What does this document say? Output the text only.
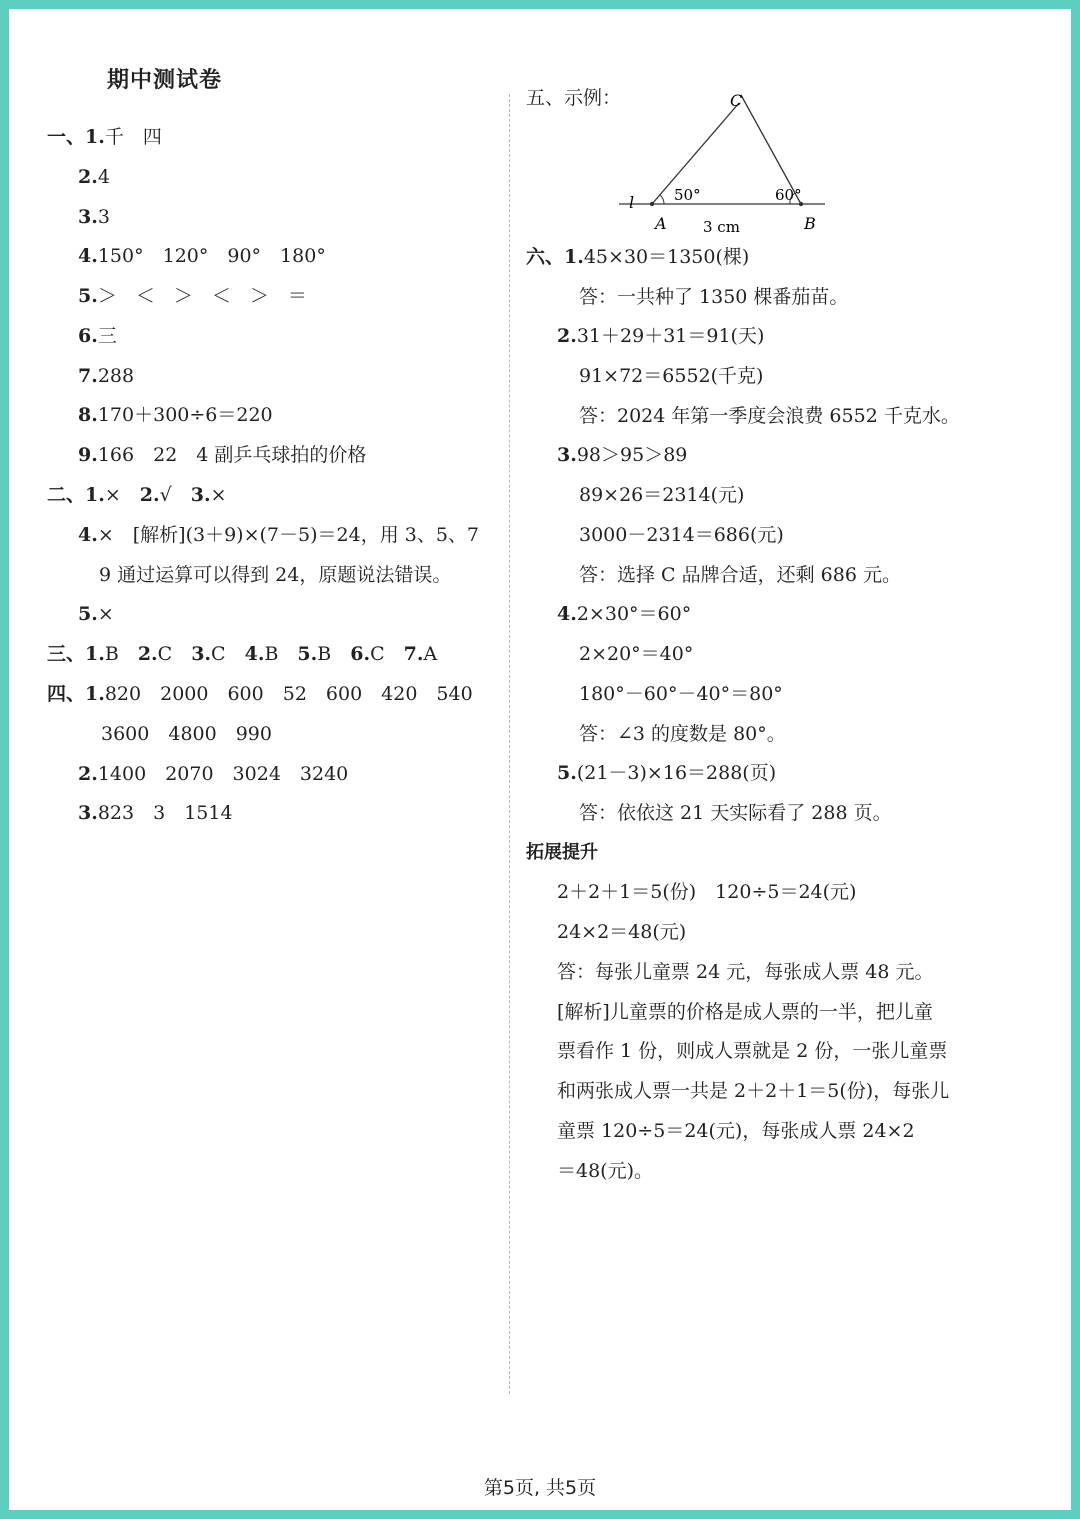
期中测试卷
一、1.千　四
2.4
3.3
4.150°　120°　90°　180°
5.＞　＜　＞　＜　＞　＝
6.三
7.288
8.170＋300÷6＝220
9.166　22　4 副乒乓球拍的价格
二、1.×　2.√　3.×
4.×　[解析](3＋9)×(7－5)＝24，用 3、5、7
9 通过运算可以得到 24，原题说法错误。
5.×
三、1.B　2.C　3.C　4.B　5.B　6.C　7.A
四、1.820　2000　600　52　600　420　540
3600　4800　990
2.1400　2070　3024　3240
3.823　3　1514
五、示例：	C
l
A	B
50°	60°
3 cm
六、1.45×30＝1350(棵)
答：一共种了 1350 棵番茄苗。
2.31＋29＋31＝91(天)
91×72＝6552(千克)
答：2024 年第一季度会浪费 6552 千克水。
3.98＞95＞89
89×26＝2314(元)
3000－2314＝686(元)
答：选择 C 品牌合适，还剩 686 元。
4.2×30°＝60°
2×20°＝40°
180°－60°－40°＝80°
答：∠3 的度数是 80°。
5.(21－3)×16＝288(页)
答：依依这 21 天实际看了 288 页。
拓展提升
2＋2＋1＝5(份)　120÷5＝24(元)
24×2＝48(元)
答：每张儿童票 24 元，每张成人票 48 元。
[解析]儿童票的价格是成人票的一半，把儿童
票看作 1 份，则成人票就是 2 份，一张儿童票
和两张成人票一共是 2＋2＋1＝5(份)，每张儿
童票 120÷5＝24(元)，每张成人票 24×2
＝48(元)。
第5页, 共5页
